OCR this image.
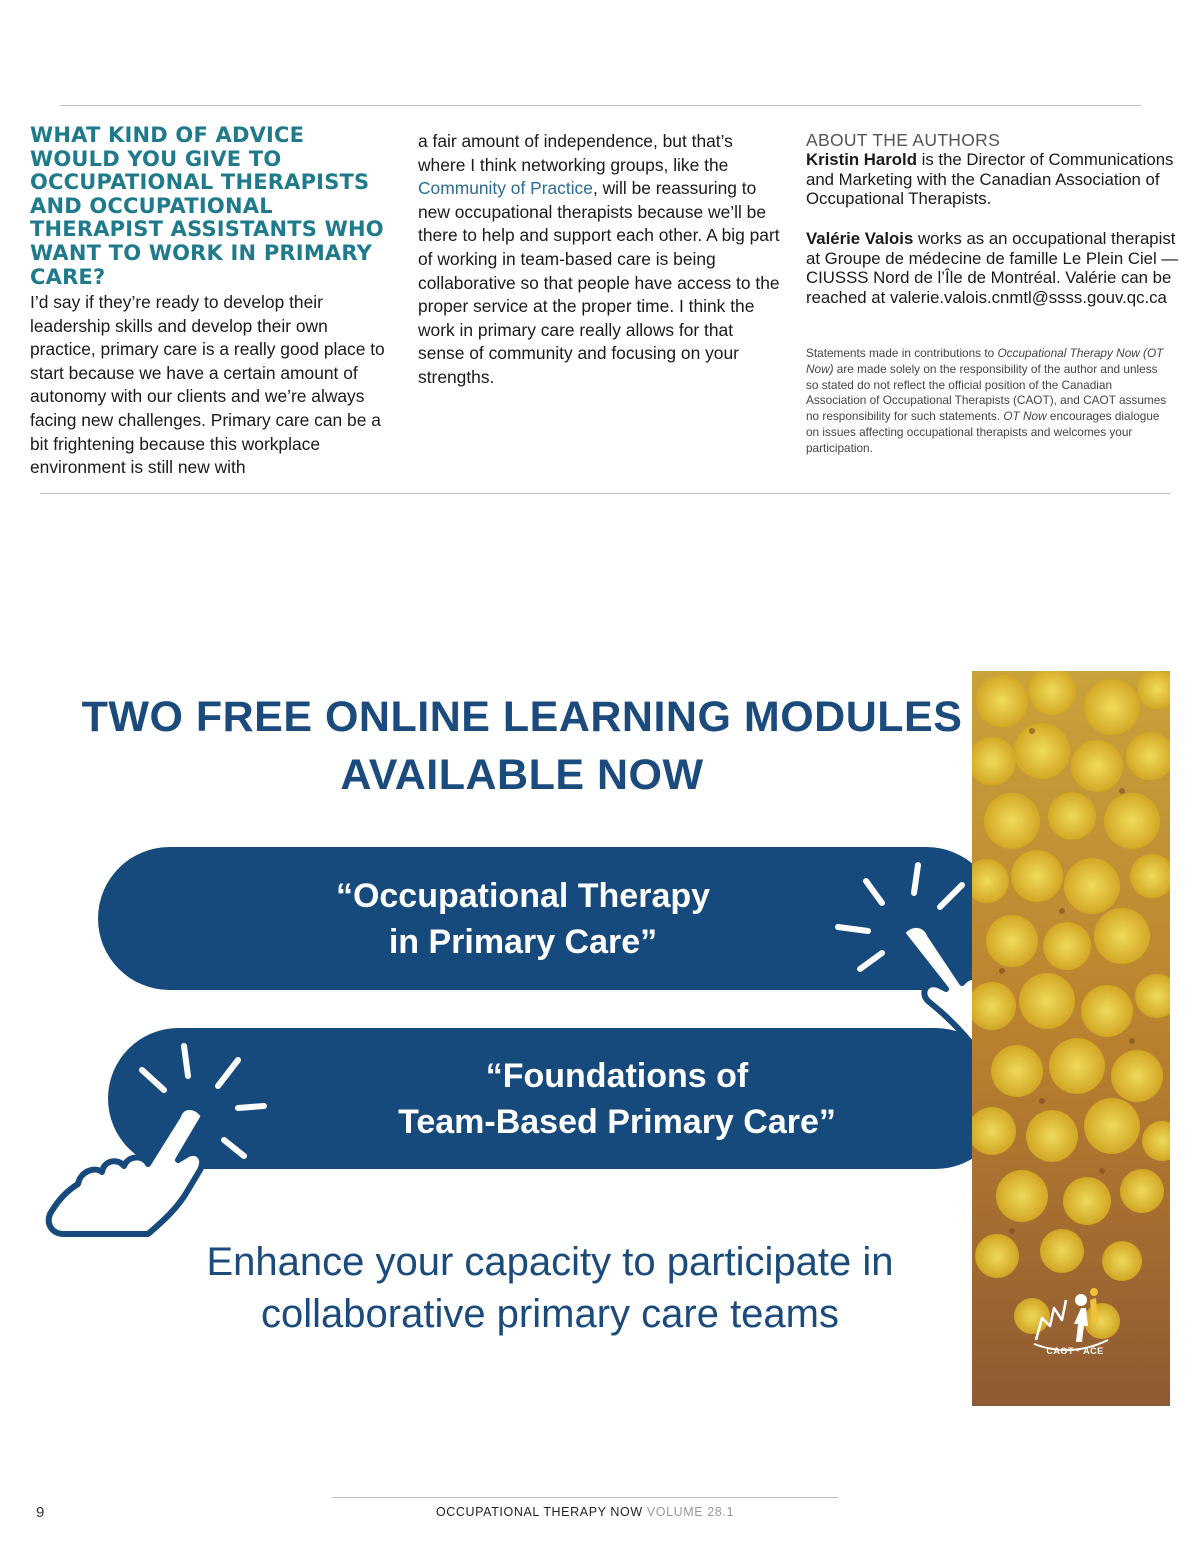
WHAT KIND OF ADVICE WOULD YOU GIVE TO OCCUPATIONAL THERAPISTS AND OCCUPATIONAL THERAPIST ASSISTANTS WHO WANT TO WORK IN PRIMARY CARE?

I’d say if they’re ready to develop their leadership skills and develop their own practice, primary care is a really good place to start because we have a certain amount of autonomy with our clients and we’re always facing new challenges. Primary care can be a bit frightening because this workplace environment is still new with

a fair amount of independence, but that’s where I think networking groups, like the Community of Practice, will be reassuring to new occupational therapists because we’ll be there to help and support each other. A big part of working in team-based care is being collaborative so that people have access to the proper service at the proper time. I think the work in primary care really allows for that sense of community and focusing on your strengths.

ABOUT THE AUTHORS

Kristin Harold is the Director of Communications and Marketing with the Canadian Association of Occupational Therapists.

Valérie Valois works as an occupational therapist at Groupe de médecine de famille Le Plein Ciel — CIUSSS Nord de l’Île de Montréal. Valérie can be reached at valerie.valois.cnmtl@ssss.gouv.qc.ca

Statements made in contributions to Occupational Therapy Now (OT Now) are made solely on the responsibility of the author and unless so stated do not reflect the official position of the Canadian Association of Occupational Therapists (CAOT), and CAOT assumes no responsibility for such statements. OT Now encourages dialogue on issues affecting occupational therapists and welcomes your participation.

TWO FREE ONLINE LEARNING MODULES
AVAILABLE NOW
“Occupational Therapy
in Primary Care”
“Foundations of
Team-Based Primary Care”

Enhance your capacity to participate in
collaborative primary care teams

CAOT · ACE
9	OCCUPATIONAL THERAPY NOW VOLUME 28.1
